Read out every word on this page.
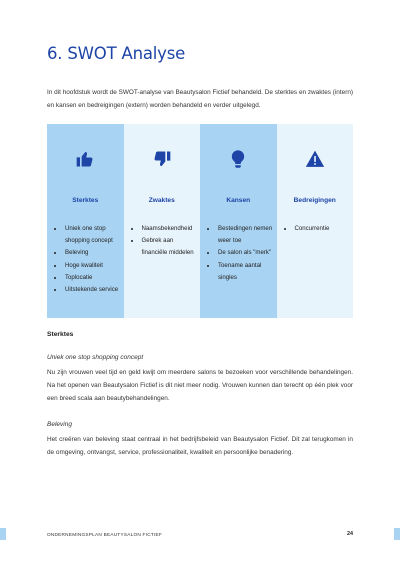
6. SWOT Analyse
In dit hoofdstuk wordt de SWOT-analyse van Beautysalon Fictief behandeld. De sterktes en zwaktes (intern) en kansen en bedreigingen (extern) worden behandeld en verder uitgelegd.
Sterktes
• Uniek one stop shopping concept
• Beleving
• Hoge kwaliteit
• Toplocatie
• Uitstekende service
Zwaktes
• Naamsbekendheid
• Gebrek aan financiële middelen
Kansen
• Bestedingen nemen weer toe
• De salon als "merk"
• Toename aantal singles
Bedreigingen
• Concurrentie
Sterktes
Uniek one stop shopping concept
Nu zijn vrouwen veel tijd en geld kwijt om meerdere salons te bezoeken voor verschillende behandelingen. Na het openen van Beautysalon Fictief is dit niet meer nodig. Vrouwen kunnen dan terecht op één plek voor een breed scala aan beautybehandelingen.
Beleving
Het creëren van beleving staat centraal in het bedrijfsbeleid van Beautysalon Fictief. Dit zal terugkomen in de omgeving, ontvangst, service, professionaliteit, kwaliteit en persoonlijke benadering.
ONDERNEMINGSPLAN BEAUTYSALON FICTIEF	24
